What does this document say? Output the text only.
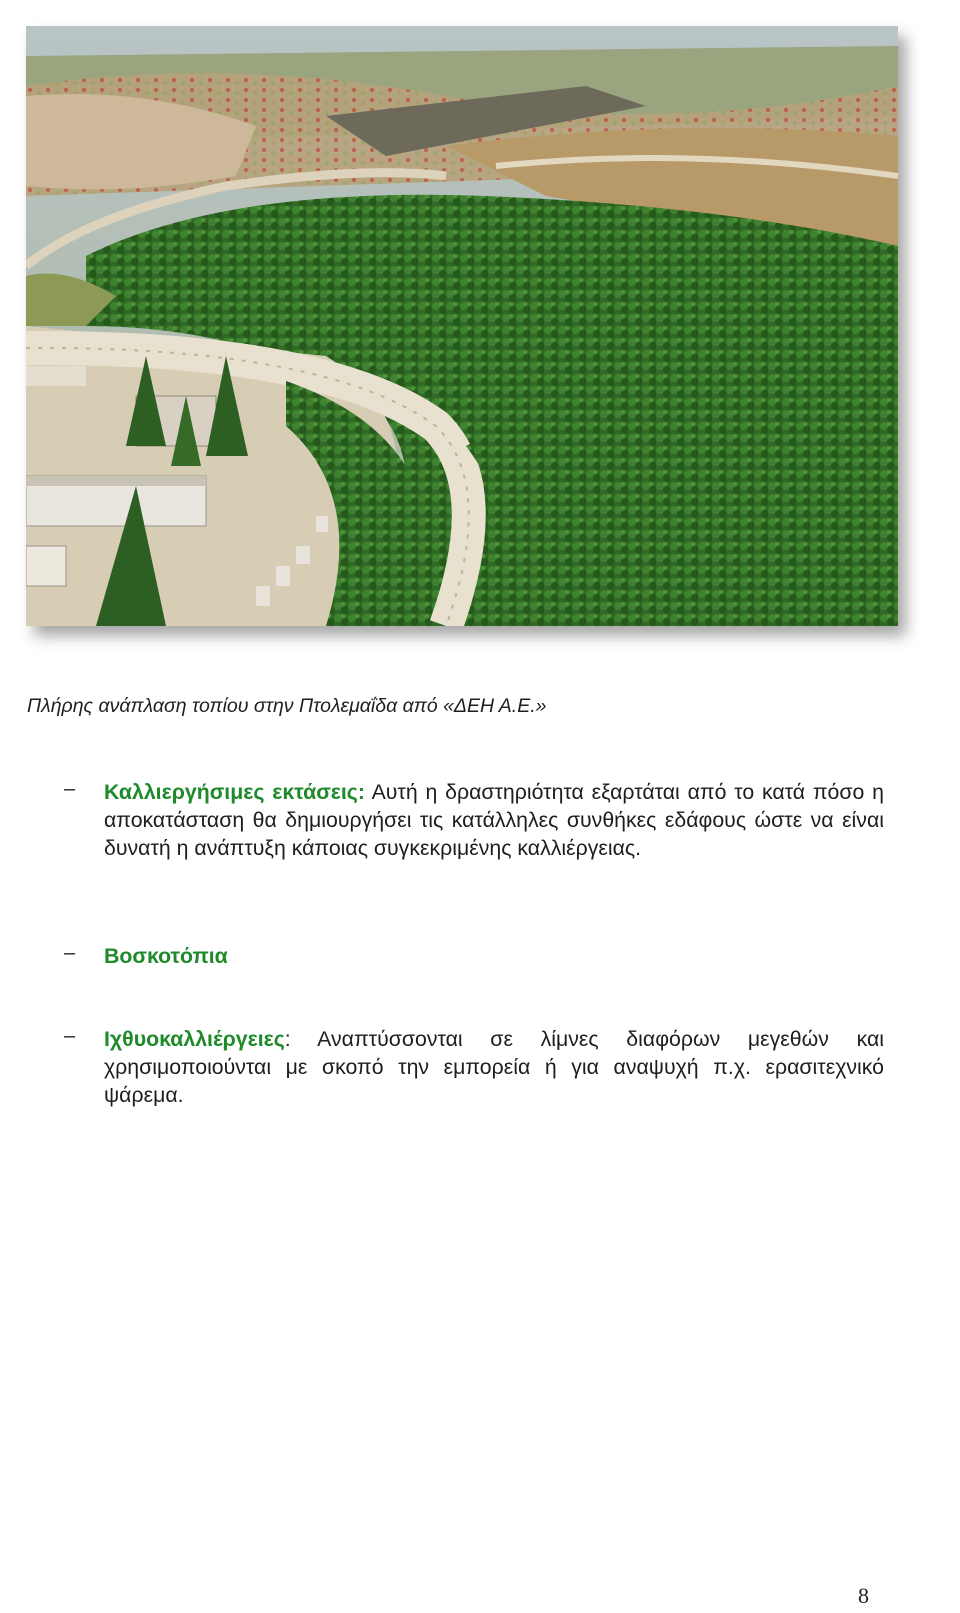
Πλήρης ανάπλαση τοπίου στην Πτολεμαΐδα από «ΔΕΗ Α.Ε.»
– Καλλιεργήσιμες εκτάσεις: Αυτή η δραστηριότητα εξαρτάται από το κατά πόσο η αποκατάσταση θα δημιουργήσει τις κατάλληλες συνθήκες εδάφους ώστε να είναι δυνατή η ανάπτυξη κάποιας συγκεκριμένης καλλιέργειας.
– Βοσκοτόπια
– Ιχθυοκαλλιέργειες: Αναπτύσσονται σε λίμνες διαφόρων μεγεθών και χρησιμοποιούνται με σκοπό την εμπορεία ή για αναψυχή π.χ. ερασιτεχνικό ψάρεμα.
8
